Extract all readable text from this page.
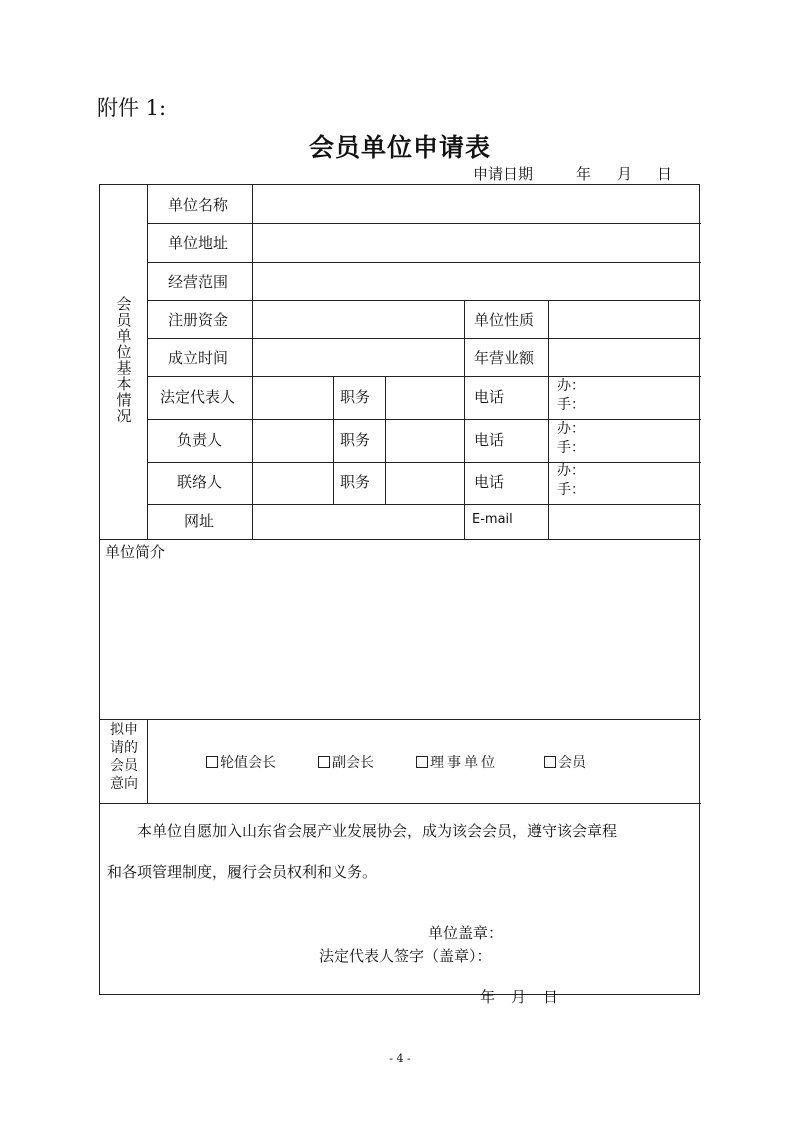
附件 1:
会员单位申请表
申请日期	年 月 日
会员单位基本情况
单位名称
单位地址
经营范围
注册资金	单位性质
成立时间	年营业额
法定代表人	职务	电话
办：
手：
负责人	职务	电话
办：
手：
联络人	职务	电话
办：
手：
网址	E-mail
单位简介
拟申
请的
会员
意向
轮值会长	副会长	理事单位	会员
本单位自愿加入山东省会展产业发展协会，成为该会会员，遵守该会章程
和各项管理制度，履行会员权利和义务。
单位盖章：
法定代表人签字（盖章）：
年 月 日
- 4 -
